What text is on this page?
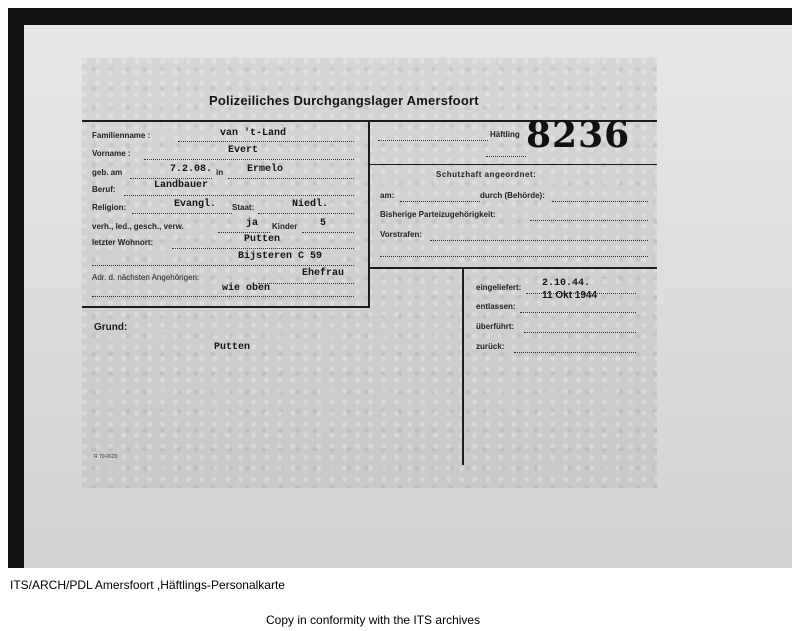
Polizeiliches Durchgangslager Amersfoort
Häftling 8236
Familienname :	van 't-Land
Vorname :	Evert
geb. am	7.2.08. in Ermelo
Beruf:	Landbauer
Religion:	Evangl. Staat:	Niedl.
verh., led., gesch., verw.	ja Kinder 5
letzter Wohnort:	Putten
Bijsteren C 59
Adr. d. nächsten Angehörigen:	Ehefrau
wie oben
Schutzhaft angeordnet:
am:	durch (Behörde):
Bisherige Parteizugehörigkeit:
Vorstrafen:
eingeliefert: 2.10.44.
entlassen:
11 Okt 1944
überführt:
zurück:
Grund:
Putten
R 70-0620
ITS/ARCH/PDL Amersfoort ,Häftlings-Personalkarte
Copy in conformity with the ITS archives
